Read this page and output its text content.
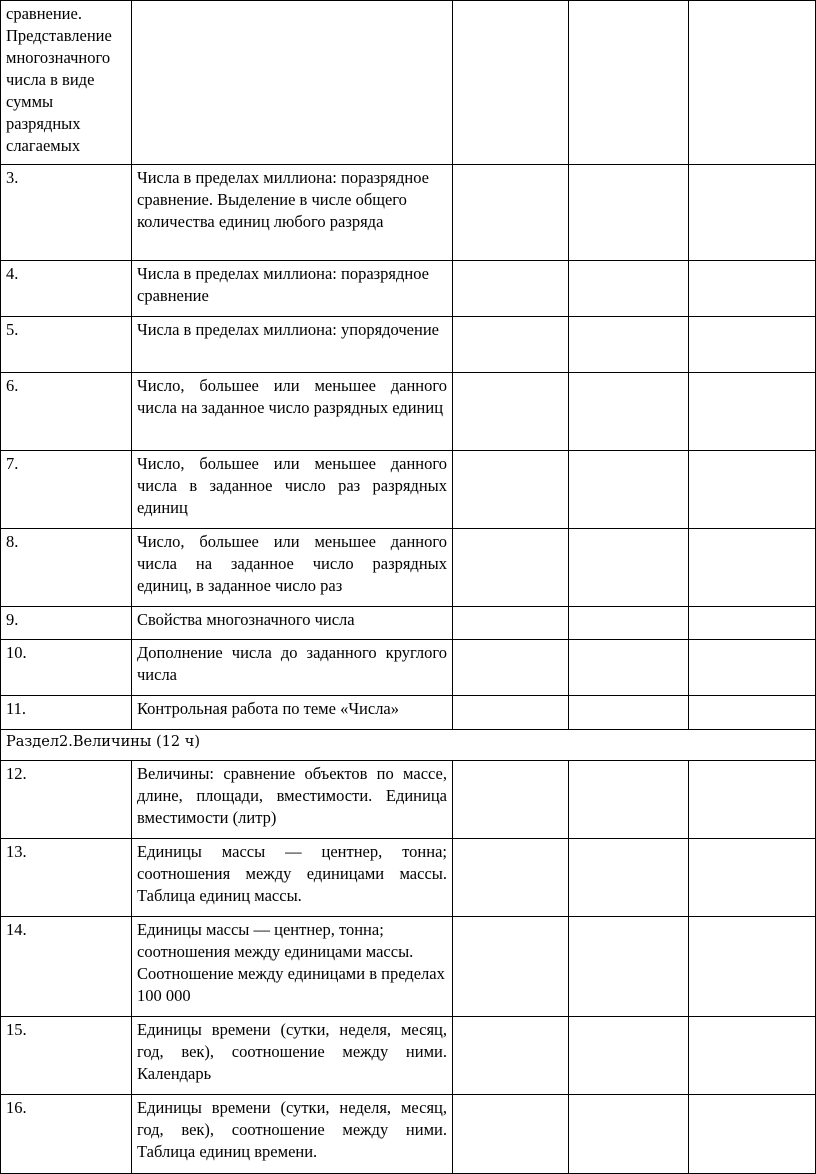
сравнение. Представление многозначного числа в виде суммы разрядных слагаемых				
3.	Числа в пределах миллиона: поразрядное сравнение. Выделение в числе общего количества единиц любого разряда			
4.	Числа в пределах миллиона: поразрядное сравнение			
5.	Числа в пределах миллиона: упорядочение			
6.	Число, большее или меньшее данного числа на заданное число разрядных единиц			
7.	Число, большее или меньшее данного числа в заданное число раз разрядных единиц			
8.	Число, большее или меньшее данного числа на заданное число разрядных единиц, в заданное число раз			
9.	Свойства многозначного числа			
10.	Дополнение числа до заданного круглого числа			
11.	Контрольная работа по теме «Числа»			
Раздел2.Величины (12 ч)				
12.	Величины: сравнение объектов по массе, длине, площади, вместимости. Единица вместимости (литр)			
13.	Единицы массы — центнер, тонна; соотношения между единицами массы. Таблица единиц массы.			
14.	Единицы массы — центнер, тонна; соотношения между единицами массы. Соотношение между единицами в пределах 100 000			
15.	Единицы времени (сутки, неделя, месяц, год, век), соотношение между ними. Календарь			
16.	Единицы времени (сутки, неделя, месяц, год, век), соотношение между ними. Таблица единиц времени.			
